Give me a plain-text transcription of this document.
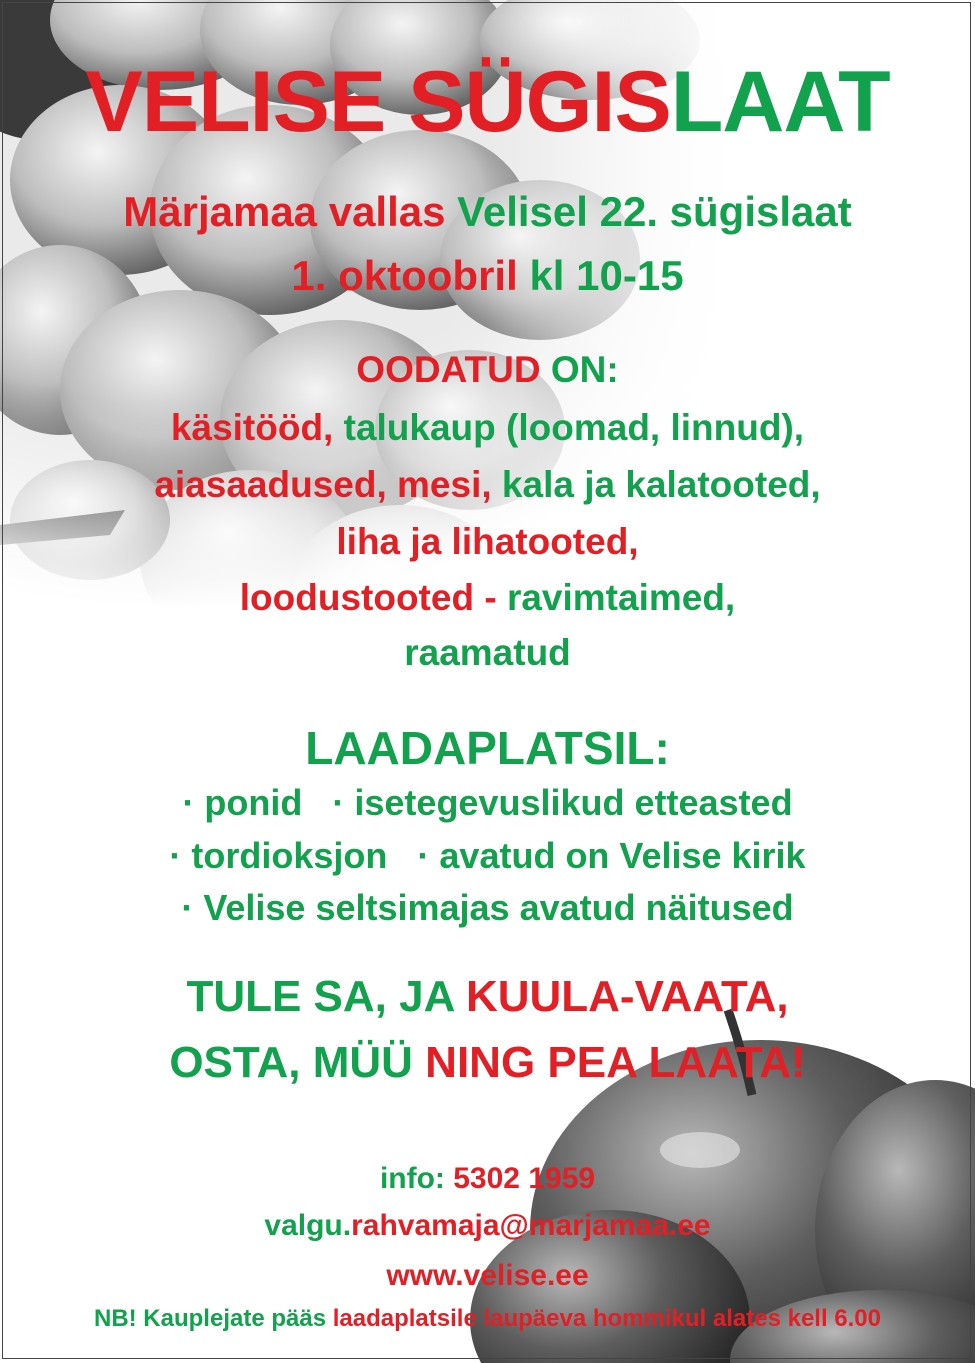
VELISE SÜGISLAAT
Märjamaa vallas Velisel 22. sügislaat
1. oktoobril kl 10-15
OODATUD ON:
käsitööd, talukaup (loomad, linnud),
aiasaadused, mesi, kala ja kalatooted,
liha ja lihatooted,
loodustooted - ravimtaimed,
raamatud
LAADAPLATSIL:
· ponid   · isetegevuslikud etteasted
· tordioksjon   · avatud on Velise kirik
· Velise seltsimajas avatud näitused
TULE SA, JA KUULA-VAATA,
OSTA, MÜÜ NING PEA LAATA!
info: 5302 1959
valgu.rahvamaja@marjamaa.ee
www.velise.ee
NB! Kauplejate pääs laadaplatsile laupäeva hommikul alates kell 6.00
